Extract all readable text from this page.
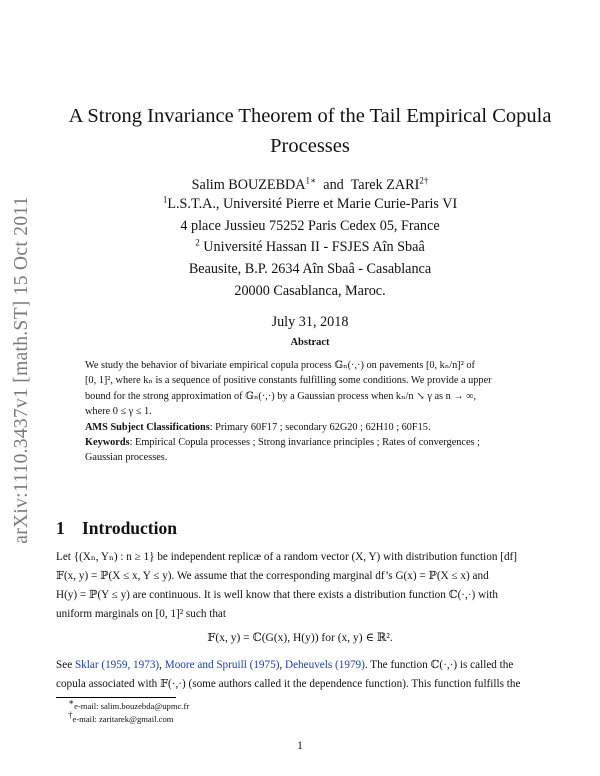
arXiv:1110.3437v1 [math.ST] 15 Oct 2011
A Strong Invariance Theorem of the Tail Empirical Copula
Processes
Salim $BOUZEBDA^{1∗}$ and Tarek $ZARI^{2\dagger}$
$^1$L.S.T.A., Université Pierre et Marie Curie-Paris VI
4 place Jussieu 75252 Paris Cedex 05, France
$^2$ Université Hassan II - FSJES Aîn Sbaâ
Beausite, B.P. 2634 Aîn Sbaâ - Casablanca
20000 Casablanca, Maroc.
July 31, 2018
Abstract
We study the behavior of bivariate empirical copula process 𝔾ₙ(·,·) on pavements [0, kₙ/n]² of
[0, 1]², where kₙ is a sequence of positive constants fulfilling some conditions. We provide a upper
bound for the strong approximation of 𝔾ₙ(·,·) by a Gaussian process when kₙ/n ↘ γ as n → ∞,
where 0 ≤ γ ≤ 1.
AMS Subject Classifications: Primary 60F17 ; secondary 62G20 ; 62H10 ; 60F15.
Keywords: Empirical Copula processes ; Strong invariance principles ; Rates of convergences ;
Gaussian processes.
1 Introduction
Let {(Xₙ, Yₙ) : n ≥ 1} be independent replicæ of a random vector (X, Y) with distribution function [df]
𝔽(x, y) = ℙ(X ≤ x, Y ≤ y). We assume that the corresponding marginal df’s G(x) = ℙ(X ≤ x) and
H(y) = ℙ(Y ≤ y) are continuous. It is well know that there exists a distribution function ℂ(·,·) with
uniform marginals on [0, 1]² such that
𝔽(x, y) = ℂ(G(x), H(y)) for (x, y) ∈ ℝ².
See Sklar (1959, 1973), Moore and Spruill (1975), Deheuvels (1979). The function ℂ(·,·) is called the
copula associated with 𝔽(·,·) (some authors called it the dependence function). This function fulfills the
∗e-mail: salim.bouzebda@upmc.fr
†e-mail: zaritarek@gmail.com
1
